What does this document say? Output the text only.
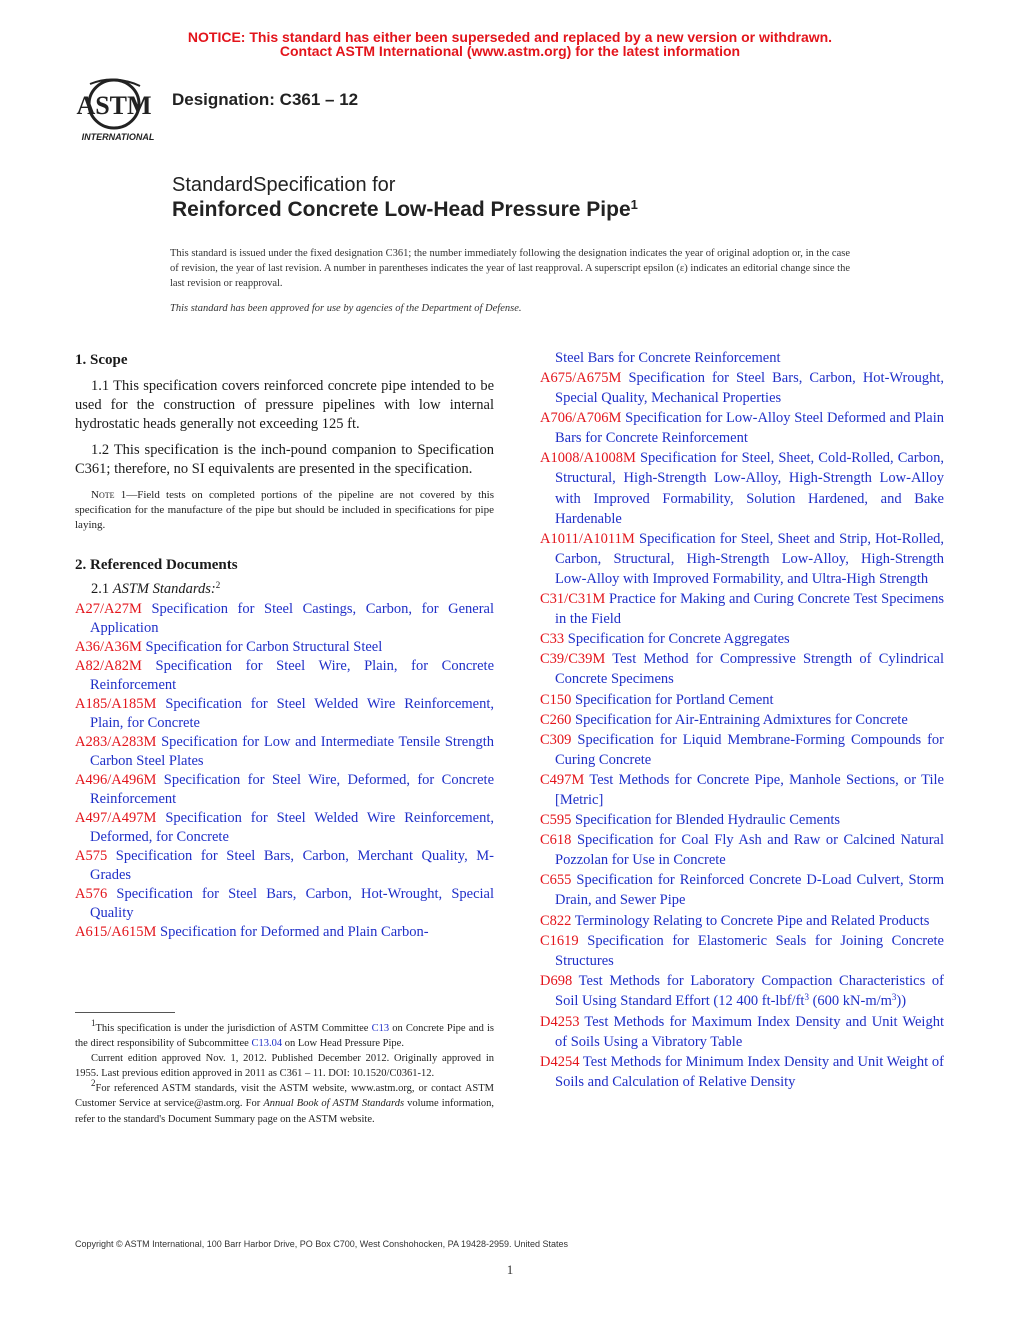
NOTICE: This standard has either been superseded and replaced by a new version or withdrawn.
Contact ASTM International (www.astm.org) for the latest information
ASTM
INTERNATIONAL
Designation: C361 – 12
StandardSpecification for
Reinforced Concrete Low-Head Pressure Pipe$^1$
This standard is issued under the fixed designation C361; the number immediately following the designation indicates the year of original adoption or, in the case of revision, the year of last revision. A number in parentheses indicates the year of last reapproval. A superscript epsilon (ε) indicates an editorial change since the last revision or reapproval.
This standard has been approved for use by agencies of the Department of Defense.
1. Scope

1.1 This specification covers reinforced concrete pipe intended to be used for the construction of pressure pipelines with low internal hydrostatic heads generally not exceeding 125 ft.

1.2 This specification is the inch-pound companion to Specification C361; therefore, no SI equivalents are presented in the specification.

Note 1—Field tests on completed portions of the pipeline are not covered by this specification for the manufacture of the pipe but should be included in specifications for pipe laying.

2. Referenced Documents

2.1 ASTM Standards:$^2$

A27/A27M Specification for Steel Castings, Carbon, for General Application

A36/A36M Specification for Carbon Structural Steel

A82/A82M Specification for Steel Wire, Plain, for Concrete Reinforcement

A185/A185M Specification for Steel Welded Wire Reinforcement, Plain, for Concrete

A283/A283M Specification for Low and Intermediate Tensile Strength Carbon Steel Plates

A496/A496M Specification for Steel Wire, Deformed, for Concrete Reinforcement

A497/A497M Specification for Steel Welded Wire Reinforcement, Deformed, for Concrete

A575 Specification for Steel Bars, Carbon, Merchant Quality, M-Grades

A576 Specification for Steel Bars, Carbon, Hot-Wrought, Special Quality

A615/A615M Specification for Deformed and Plain Carbon-

Steel Bars for Concrete Reinforcement

A675/A675M Specification for Steel Bars, Carbon, Hot-Wrought, Special Quality, Mechanical Properties

A706/A706M Specification for Low-Alloy Steel Deformed and Plain Bars for Concrete Reinforcement

A1008/A1008M Specification for Steel, Sheet, Cold-Rolled, Carbon, Structural, High-Strength Low-Alloy, High-Strength Low-Alloy with Improved Formability, Solution Hardened, and Bake Hardenable

A1011/A1011M Specification for Steel, Sheet and Strip, Hot-Rolled, Carbon, Structural, High-Strength Low-Alloy, High-Strength Low-Alloy with Improved Formability, and Ultra-High Strength

C31/C31M Practice for Making and Curing Concrete Test Specimens in the Field

C33 Specification for Concrete Aggregates

C39/C39M Test Method for Compressive Strength of Cylindrical Concrete Specimens

C150 Specification for Portland Cement

C260 Specification for Air-Entraining Admixtures for Concrete

C309 Specification for Liquid Membrane-Forming Compounds for Curing Concrete

C497M Test Methods for Concrete Pipe, Manhole Sections, or Tile [Metric]

C595 Specification for Blended Hydraulic Cements

C618 Specification for Coal Fly Ash and Raw or Calcined Natural Pozzolan for Use in Concrete

C655 Specification for Reinforced Concrete D-Load Culvert, Storm Drain, and Sewer Pipe

C822 Terminology Relating to Concrete Pipe and Related Products

C1619 Specification for Elastomeric Seals for Joining Concrete Structures

D698 Test Methods for Laboratory Compaction Characteristics of Soil Using Standard Effort (12 400 $ft-lbf/ft^3$ (600 $kN-m/m^3$))

D4253 Test Methods for Maximum Index Density and Unit Weight of Soils Using a Vibratory Table

D4254 Test Methods for Minimum Index Density and Unit Weight of Soils and Calculation of Relative Density

$^1$This specification is under the jurisdiction of ASTM Committee C13 on Concrete Pipe and is the direct responsibility of Subcommittee C13.04 on Low Head Pressure Pipe.

Current edition approved Nov. 1, 2012. Published December 2012. Originally approved in 1955. Last previous edition approved in 2011 as C361 – 11. DOI: 10.1520/C0361-12.

$^2$For referenced ASTM standards, visit the ASTM website, www.astm.org, or contact ASTM Customer Service at service@astm.org. For Annual Book of ASTM Standards volume information, refer to the standard's Document Summary page on the ASTM website.

Copyright © ASTM International, 100 Barr Harbor Drive, PO Box C700, West Conshohocken, PA 19428-2959. United States
1
